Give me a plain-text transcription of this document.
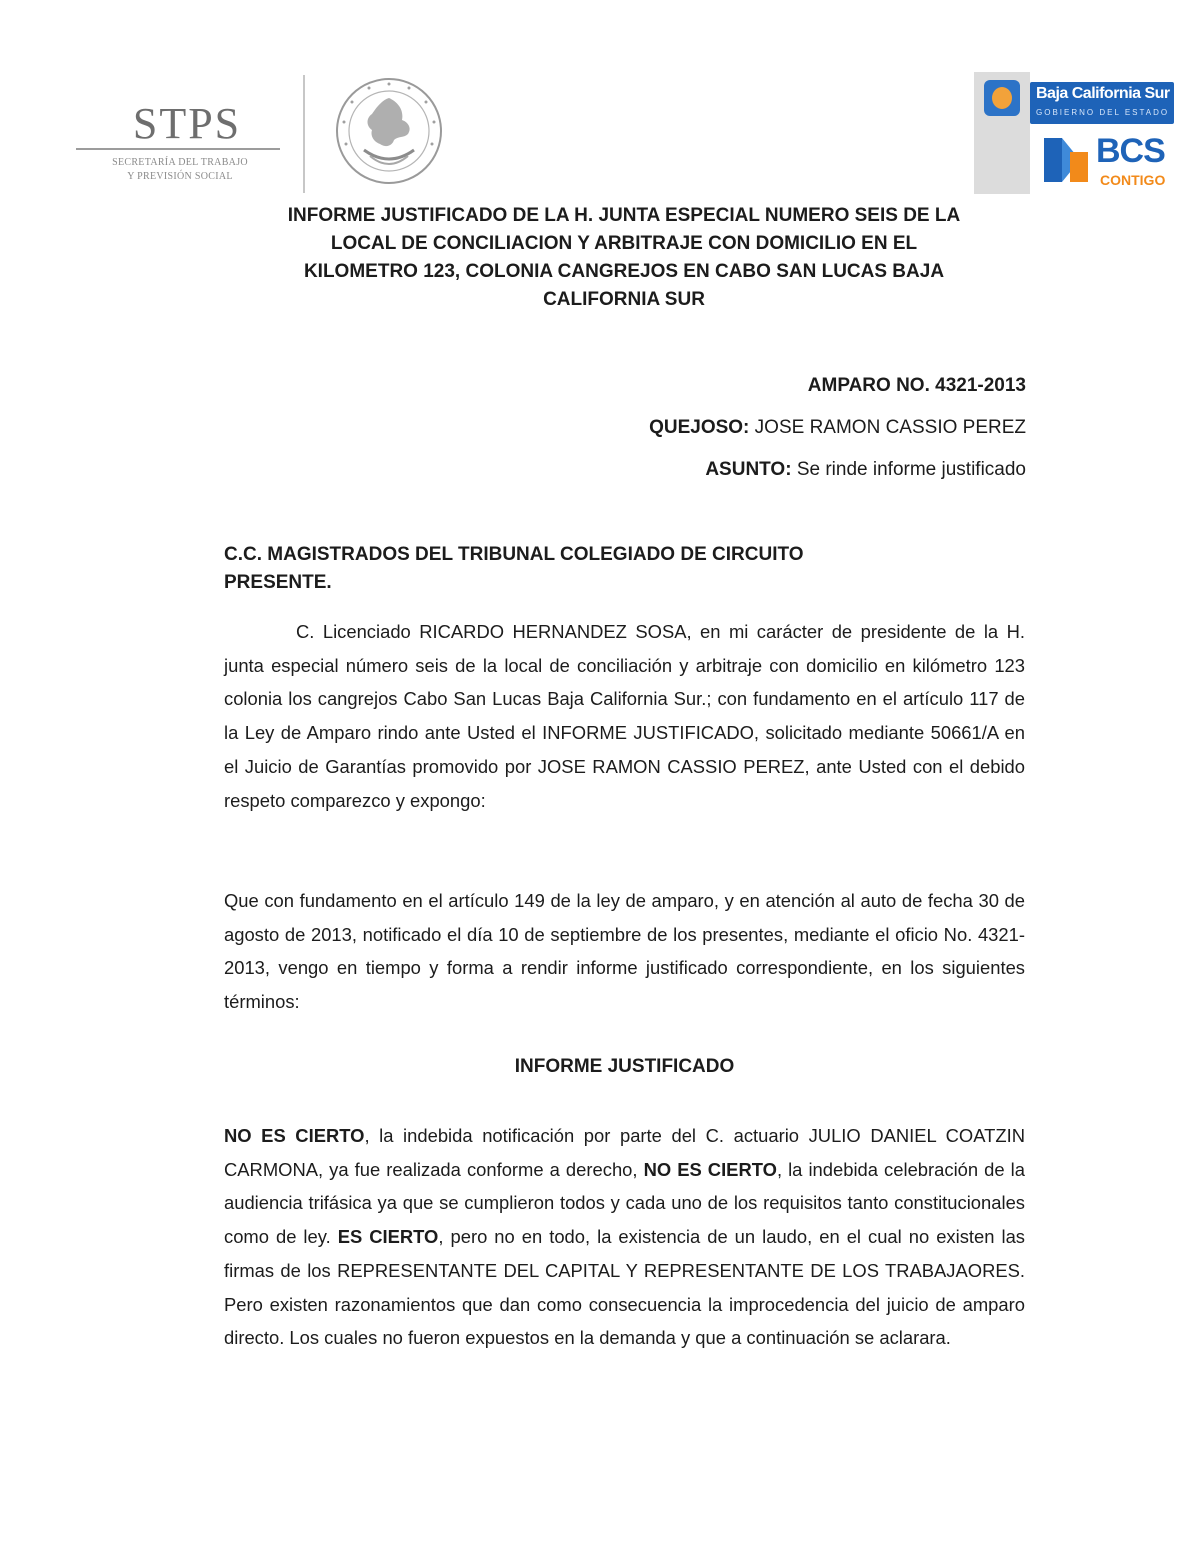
STPS
SECRETARÍA DEL TRABAJO
Y PREVISIÓN SOCIAL
Baja California Sur
GOBIERNO DEL ESTADO
BCS
CONTIGO
INFORME JUSTIFICADO DE LA H. JUNTA ESPECIAL NUMERO SEIS DE LA
LOCAL DE CONCILIACION Y ARBITRAJE CON DOMICILIO EN EL
KILOMETRO 123, COLONIA CANGREJOS EN CABO SAN LUCAS BAJA
CALIFORNIA SUR
AMPARO NO. 4321-2013
QUEJOSO: JOSE RAMON CASSIO PEREZ
ASUNTO: Se rinde informe justificado
C.C. MAGISTRADOS DEL TRIBUNAL COLEGIADO DE CIRCUITO
PRESENTE.
C. Licenciado RICARDO HERNANDEZ SOSA, en mi carácter de presidente de la H. junta especial número seis de la local de conciliación y arbitraje con domicilio en kilómetro 123 colonia los cangrejos Cabo San Lucas Baja California Sur.; con fundamento en el artículo 117 de la Ley de Amparo rindo ante Usted el INFORME JUSTIFICADO, solicitado mediante 50661/A en el Juicio de Garantías promovido por JOSE RAMON CASSIO PEREZ, ante Usted con el debido respeto comparezco y expongo:
Que con fundamento en el artículo 149 de la ley de amparo, y en atención al auto de fecha 30 de agosto de 2013, notificado el día 10 de septiembre de los presentes, mediante el oficio No. 4321-2013, vengo en tiempo y forma a rendir informe justificado correspondiente, en los siguientes términos:
INFORME JUSTIFICADO
NO ES CIERTO, la indebida notificación por parte del C. actuario JULIO DANIEL COATZIN CARMONA, ya fue realizada conforme a derecho, NO ES CIERTO, la indebida celebración de la audiencia trifásica ya que se cumplieron todos y cada uno de los requisitos tanto constitucionales como de ley. ES CIERTO, pero no en todo, la existencia de un laudo, en el cual no existen las firmas de los REPRESENTANTE DEL CAPITAL Y REPRESENTANTE DE LOS TRABAJAORES. Pero existen razonamientos que dan como consecuencia la improcedencia del juicio de amparo directo. Los cuales no fueron expuestos en la demanda y que a continuación se aclarara.
